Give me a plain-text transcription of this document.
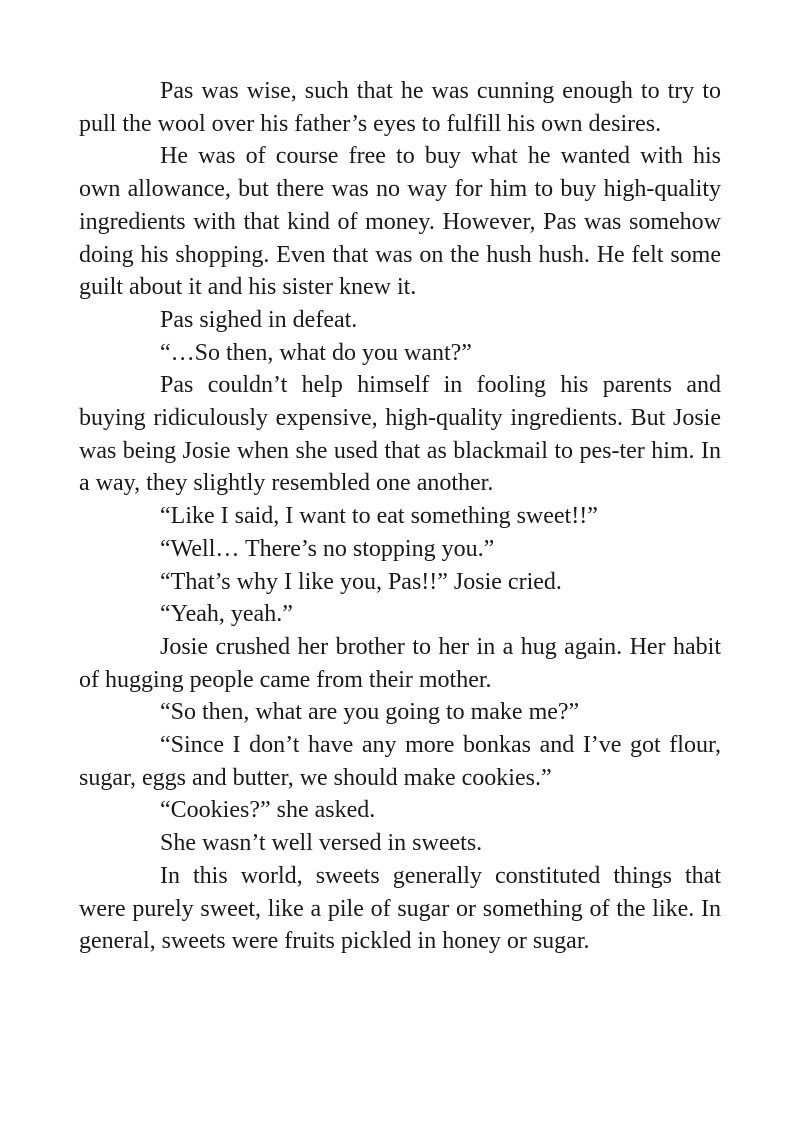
Pas was wise, such that he was cunning enough to try to pull the wool over his father’s eyes to fulfill his own desires.

He was of course free to buy what he wanted with his own allowance, but there was no way for him to buy high-quality ingredients with that kind of money. However, Pas was somehow doing his shopping. Even that was on the hush hush. He felt some guilt about it and his sister knew it.

Pas sighed in defeat.

“…So then, what do you want?”

Pas couldn’t help himself in fooling his parents and buying ridiculously expensive, high-quality ingredients. But Josie was being Josie when she used that as blackmail to pes-ter him. In a way, they slightly resembled one another.

“Like I said, I want to eat something sweet!!”

“Well… There’s no stopping you.”

“That’s why I like you, Pas!!” Josie cried.

“Yeah, yeah.”

Josie crushed her brother to her in a hug again. Her habit of hugging people came from their mother.

“So then, what are you going to make me?”

“Since I don’t have any more bonkas and I’ve got flour, sugar, eggs and butter, we should make cookies.”

“Cookies?” she asked.

She wasn’t well versed in sweets.

In this world, sweets generally constituted things that were purely sweet, like a pile of sugar or something of the like. In general, sweets were fruits pickled in honey or sugar.
